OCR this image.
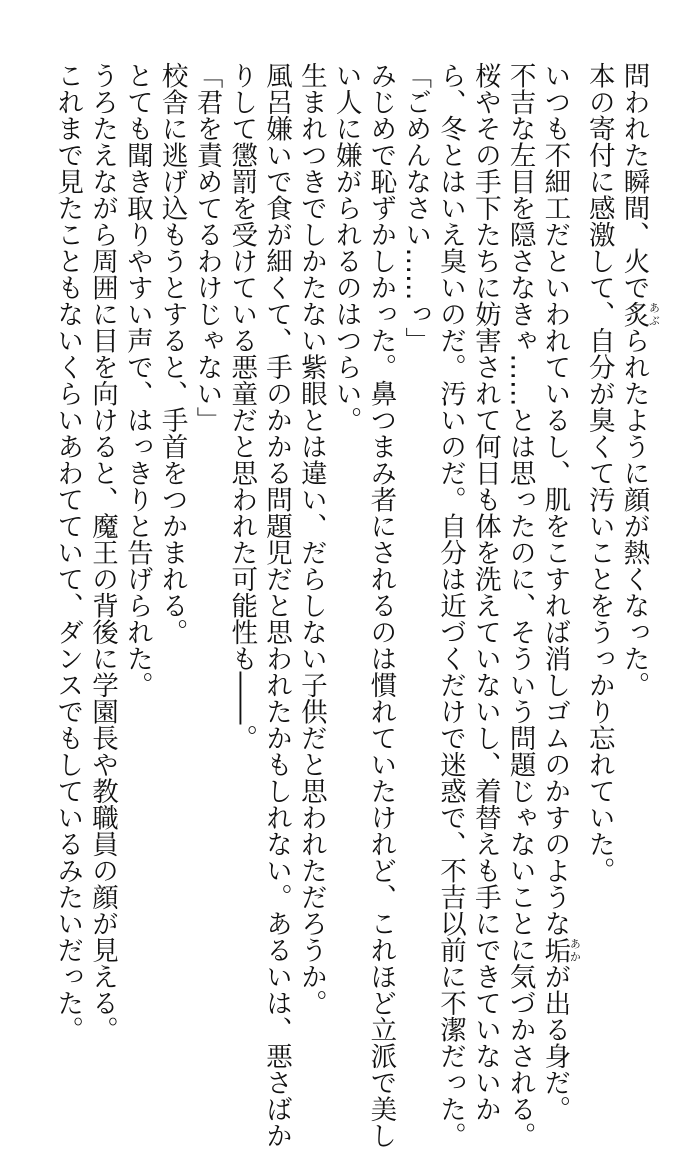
問われた瞬間、火で炙あぶられたように顔が熱くなった。

本の寄付に感激して、自分が臭くて汚いことをうっかり忘れていた。

いつも不細工だといわれているし、肌をこすれば消しゴムのかすのような垢あかが出る身だ。

不吉な左目を隠さなきゃ……とは思ったのに、そういう問題じゃないことに気づかされる。

桜やその手下たちに妨害されて何日も体を洗えていないし、着替えも手にできていないか

ら、冬とはいえ臭いのだ。汚いのだ。自分は近づくだけで迷惑で、不吉以前に不潔だった。

「ごめんなさい……っ」

みじめで恥ずかしかった。鼻つまみ者にされるのは慣れていたけれど、これほど立派で美し

い人に嫌がられるのはつらい。

生まれつきでしかたない紫眼とは違い、だらしない子供だと思われただろうか。

風呂嫌いで食が細くて、手のかかる問題児だと思われたかもしれない。あるいは、悪さばか

りして懲罰を受けている悪童だと思われた可能性も――。

「君を責めてるわけじゃない」

校舎に逃げ込もうとすると、手首をつかまれる。

とても聞き取りやすい声で、はっきりと告げられた。

うろたえながら周囲に目を向けると、魔王の背後に学園長や教職員の顔が見える。

これまで見たこともないくらいあわてていて、ダンスでもしているみたいだった。
